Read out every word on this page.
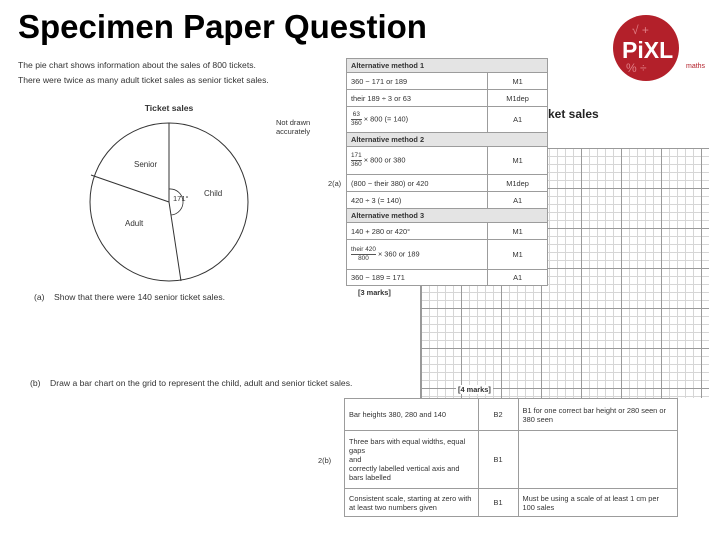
Specimen Paper Question	√ +
% ÷
PiXL
maths
The pie chart shows information about the sales of 800 tickets.
There were twice as many adult ticket sales as senior ticket sales.
Ticket sales
Senior
Child
Adult
171°
Not drawn
accurately
(a) Show that there were 140 senior ticket sales.
(b) Draw a bar chart on the grid to represent the child, adult and senior ticket sales.
ket sales
2(a)
Alternative method 1	
360 − 171 or 189	M1
their 189 ÷ 3 or 63	M1dep

$\frac{63}{360} \times 800$ (= 140)	A1
Alternative method 2	

$\frac{171}{360} \times 800$ or 380	M1
(800 − their 380) or 420	M1dep
420 ÷ 3 (= 140)	A1
Alternative method 3	
140 + 280 or 420°	M1

their 420
800
× 360 or 189	M1
360 − 189 = 171	A1
[3 marks]
[4 marks]
2(b)
Bar heights 380, 280 and 140	B2	B1 for one correct bar height or 280 seen or 380 seen

Three bars with equal widths, equal gaps
and
correctly labelled vertical axis and bars labelled	B1	
Consistent scale, starting at zero with at least two numbers given	B1	Must be using a scale of at least 1 cm per 100 sales
